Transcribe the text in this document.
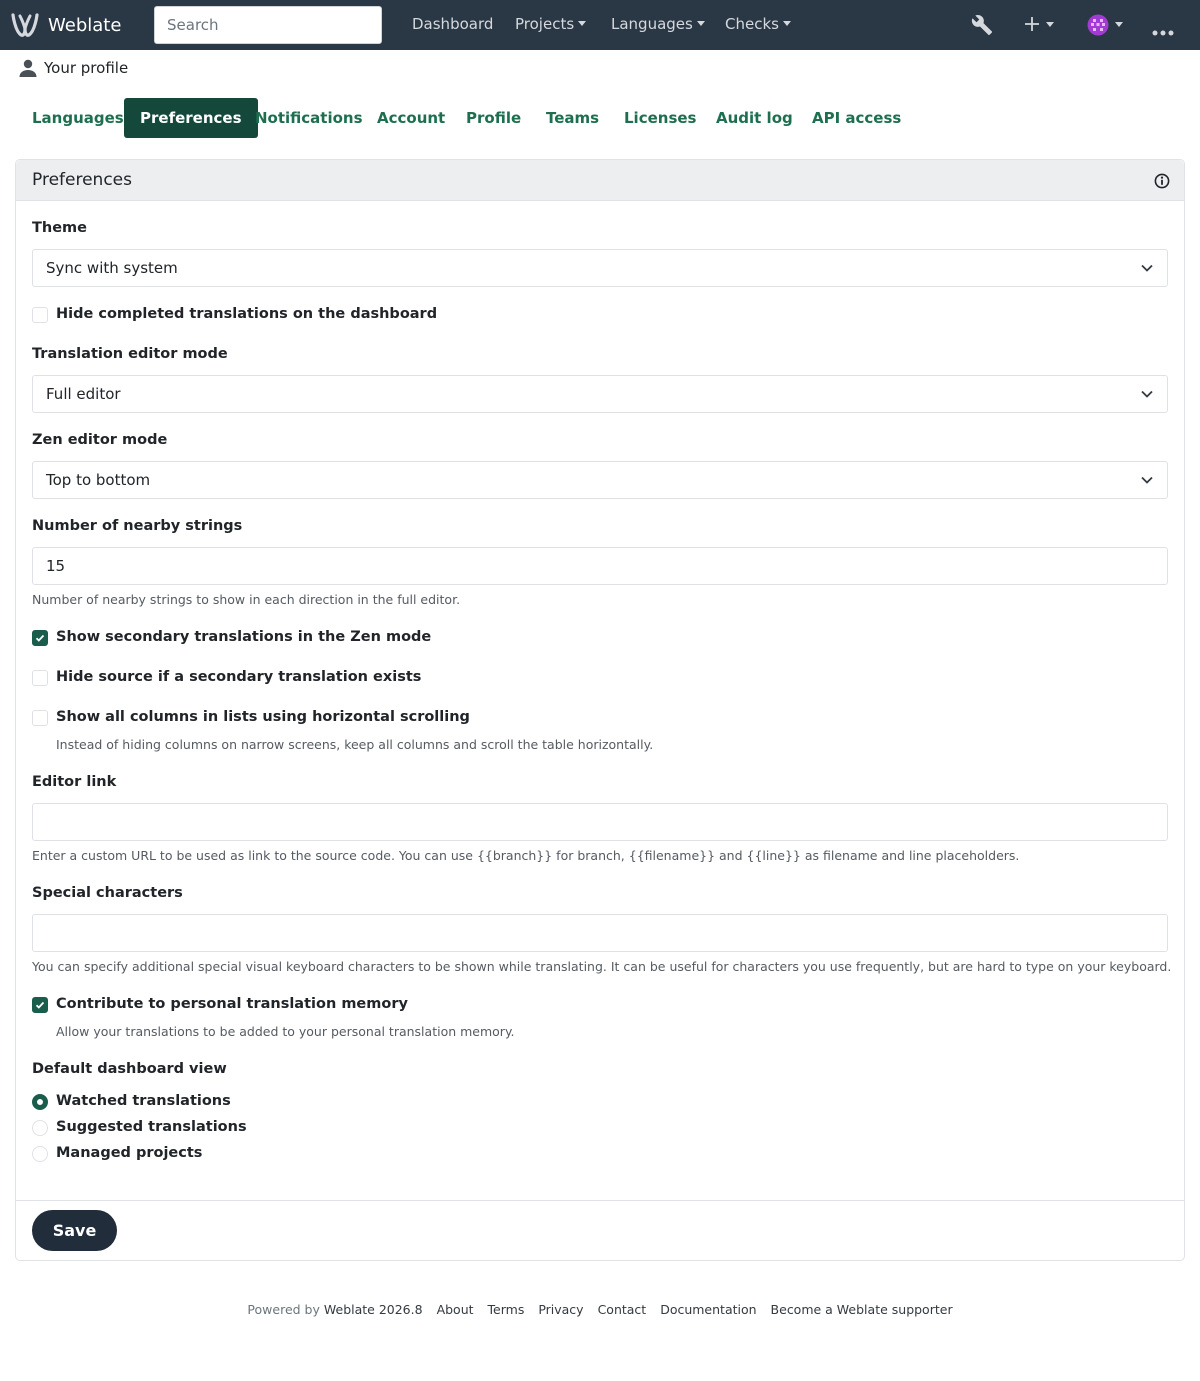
Weblate
Search	Dashboard Projects	Languages	Checks
Your profile
Languages	Preferences Notifications Account Profile Teams Licenses Audit log API access
Preferences
Theme
Sync with system
Hide completed translations on the dashboard
Translation editor mode
Full editor
Zen editor mode
Top to bottom
Number of nearby strings
15
Number of nearby strings to show in each direction in the full editor.
Show secondary translations in the Zen mode
Hide source if a secondary translation exists
Show all columns in lists using horizontal scrolling
Instead of hiding columns on narrow screens, keep all columns and scroll the table horizontally.
Editor link
Enter a custom URL to be used as link to the source code. You can use {{branch}} for branch, {{filename}} and {{line}} as filename and line placeholders.
Special characters
You can specify additional special visual keyboard characters to be shown while translating. It can be useful for characters you use frequently, but are hard to type on your keyboard.
Contribute to personal translation memory
Allow your translations to be added to your personal translation memory.
Default dashboard view
Watched translations
Suggested translations
Managed projects
Save
Powered by Weblate 2026.8 About Terms Privacy Contact Documentation Become a Weblate supporter
